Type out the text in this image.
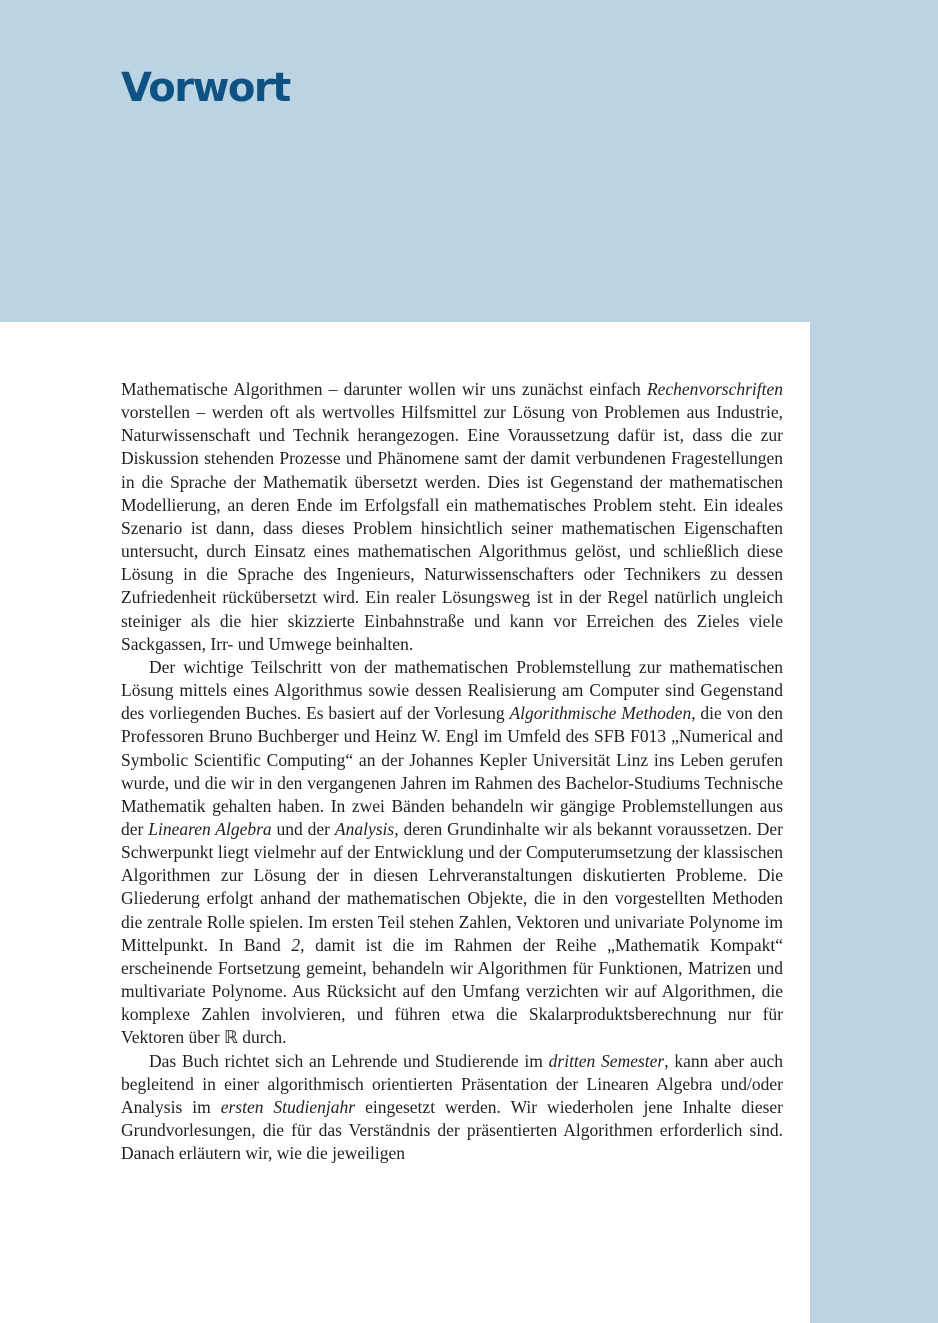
Vorwort

Mathematische Algorithmen – darunter wollen wir uns zunächst einfach Rechenvorschriften vorstellen – werden oft als wertvolles Hilfsmittel zur Lösung von Problemen aus Industrie, Naturwissenschaft und Technik herangezogen. Eine Voraussetzung dafür ist, dass die zur Diskussion stehenden Prozesse und Phänomene samt der damit verbundenen Fragestellungen in die Sprache der Mathematik übersetzt werden. Dies ist Gegenstand der mathematischen Modellierung, an deren Ende im Erfolgsfall ein mathematisches Problem steht. Ein ideales Szenario ist dann, dass dieses Problem hinsichtlich seiner mathematischen Eigenschaften untersucht, durch Einsatz eines mathematischen Algorithmus gelöst, und schließlich diese Lösung in die Sprache des Ingenieurs, Naturwissenschafters oder Technikers zu dessen Zufriedenheit rückübersetzt wird. Ein realer Lösungsweg ist in der Regel natürlich ungleich steiniger als die hier skizzierte Einbahnstraße und kann vor Erreichen des Zieles viele Sackgassen, Irr- und Umwege beinhalten.

Der wichtige Teilschritt von der mathematischen Problemstellung zur mathematischen Lösung mittels eines Algorithmus sowie dessen Realisierung am Computer sind Gegenstand des vorliegenden Buches. Es basiert auf der Vorlesung Algorithmische Methoden, die von den Professoren Bruno Buchberger und Heinz W. Engl im Umfeld des SFB F013 „Numerical and Symbolic Scientific Computing“ an der Johannes Kepler Universität Linz ins Leben gerufen wurde, und die wir in den vergangenen Jahren im Rahmen des Bachelor-Studiums Technische Mathematik gehalten haben. In zwei Bänden behandeln wir gängige Problemstellungen aus der Linearen Algebra und der Analysis, deren Grundinhalte wir als bekannt voraussetzen. Der Schwerpunkt liegt vielmehr auf der Entwicklung und der Computerumsetzung der klassischen Algorithmen zur Lösung der in diesen Lehrveranstaltungen diskutierten Probleme. Die Gliederung erfolgt anhand der mathematischen Objekte, die in den vorgestellten Methoden die zentrale Rolle spielen. Im ersten Teil stehen Zahlen, Vektoren und univariate Polynome im Mittelpunkt. In Band 2, damit ist die im Rahmen der Reihe „Mathematik Kompakt“ erscheinende Fortsetzung gemeint, behandeln wir Algorithmen für Funktionen, Matrizen und multivariate Polynome. Aus Rücksicht auf den Umfang verzichten wir auf Algorithmen, die komplexe Zahlen involvieren, und führen etwa die Skalarproduktsberechnung nur für Vektoren über ℝ durch.

Das Buch richtet sich an Lehrende und Studierende im dritten Semester, kann aber auch begleitend in einer algorithmisch orientierten Präsentation der Linearen Algebra und/oder Analysis im ersten Studienjahr eingesetzt werden. Wir wiederholen jene Inhalte dieser Grundvorlesungen, die für das Verständnis der präsentierten Algorithmen erforderlich sind. Danach erläutern wir, wie die jeweiligen
